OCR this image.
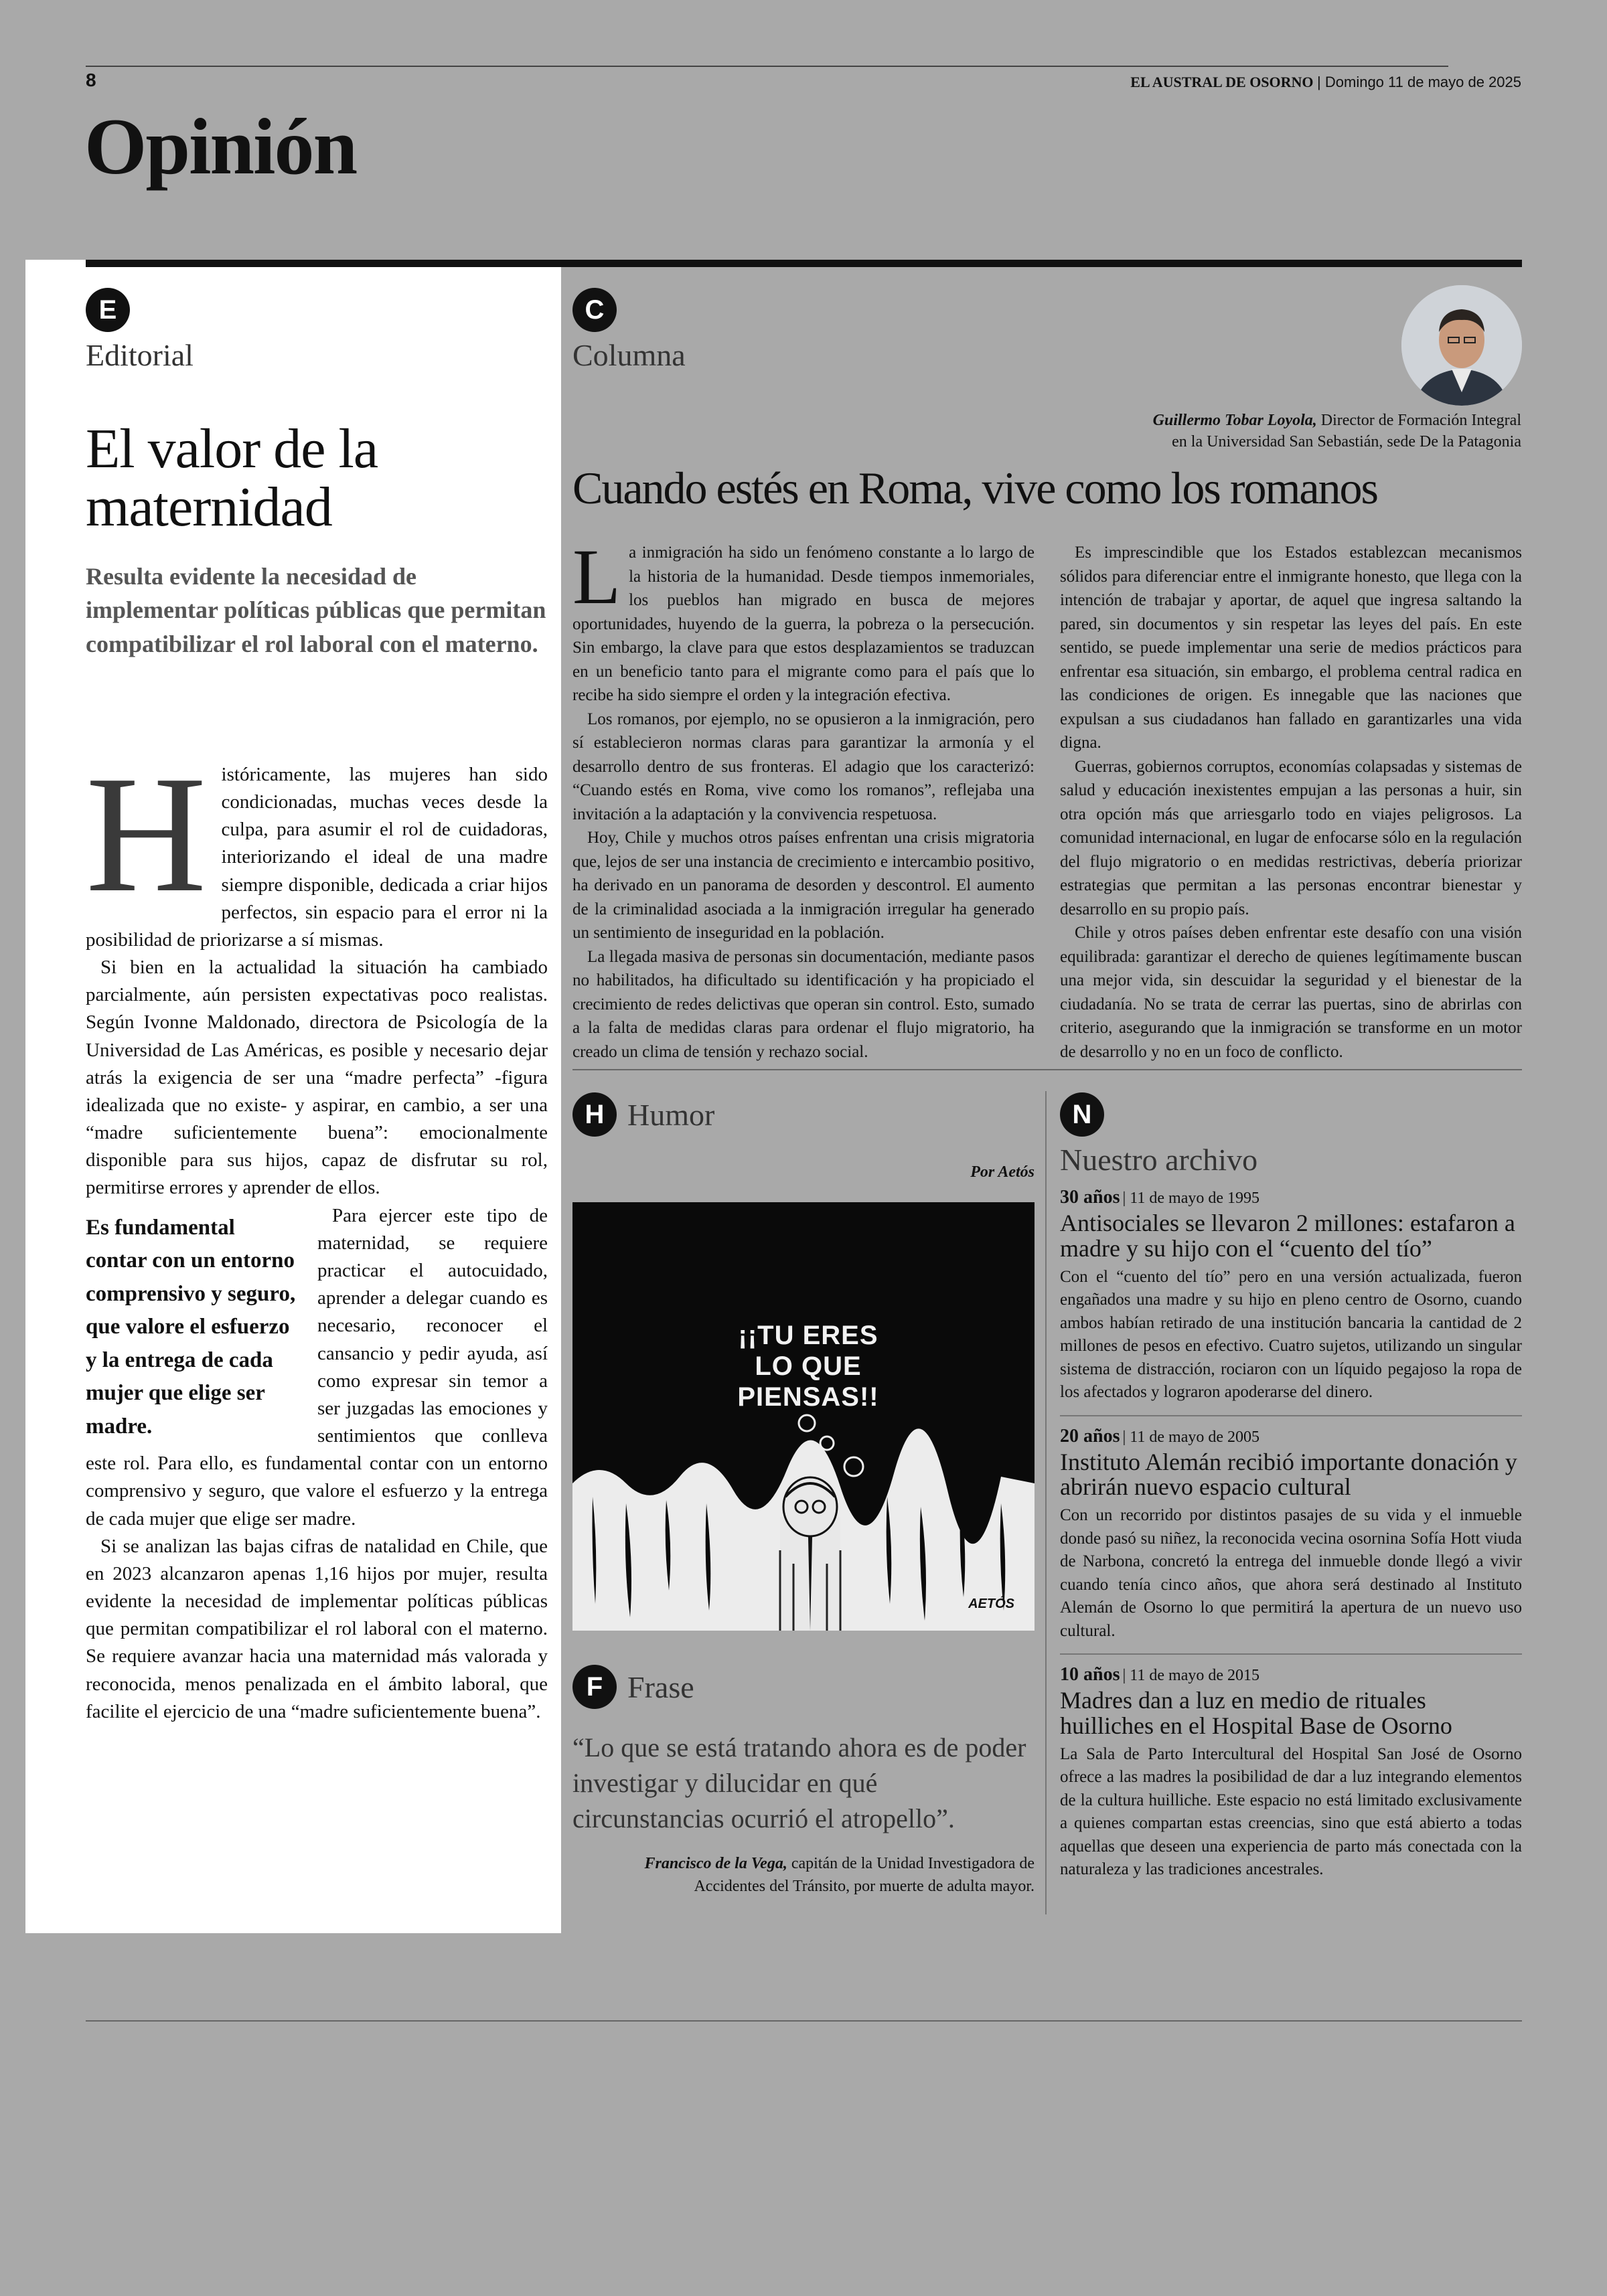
8	EL AUSTRAL DE OSORNO | Domingo 11 de mayo de 2025
Opinión
E
Editorial
El valor de la maternidad

Resulta evidente la necesidad de implementar políticas públicas que permitan compatibilizar el rol laboral con el materno.

H istóricamente, las mujeres han sido condicionadas, muchas veces desde la culpa, para asumir el rol de cuidadoras, interiorizando el ideal de una madre siempre disponible, dedicada a criar hijos perfectos, sin espacio para el error ni la posibilidad de priorizarse a sí mismas.

Si bien en la actualidad la situación ha cambiado parcialmente, aún persisten expectativas poco realistas. Según Ivonne Maldonado, directora de Psicología de la Universidad de Las Américas, es posible y necesario dejar atrás la exigencia de ser una “madre perfecta” -figura idealizada que no existe- y aspirar, en cambio, a ser una “madre suficientemente buena”: emocionalmente disponible para sus hijos, capaz de disfrutar su rol, permitirse errores y aprender de ellos.

Es fundamental contar con un entorno comprensivo y seguro, que valore el esfuerzo y la entrega de cada mujer que elige ser madre.

Para ejercer este tipo de maternidad, se requiere practicar el autocuidado, aprender a delegar cuando es necesario, reconocer el cansancio y pedir ayuda, así como expresar sin temor a ser juzgadas las emociones y sentimientos que conlleva este rol. Para ello, es fundamental contar con un entorno comprensivo y seguro, que valore el esfuerzo y la entrega de cada mujer que elige ser madre.

Si se analizan las bajas cifras de natalidad en Chile, que en 2023 alcanzaron apenas 1,16 hijos por mujer, resulta evidente la necesidad de implementar políticas públicas que permitan compatibilizar el rol laboral con el materno. Se requiere avanzar hacia una maternidad más valorada y reconocida, menos penalizada en el ámbito laboral, que facilite el ejercicio de una “madre suficientemente buena”.

C
Columna
Guillermo Tobar Loyola, Director de Formación Integral
en la Universidad San Sebastián, sede De la Patagonia
Cuando estés en Roma, vive como los romanos
L a inmigración ha sido un fenómeno constante a lo largo de la historia de la humanidad. Desde tiempos inmemoriales, los pueblos han migrado en busca de mejores oportunidades, huyendo de la guerra, la pobreza o la persecución. Sin embargo, la clave para que estos desplazamientos se traduzcan en un beneficio tanto para el migrante como para el país que lo recibe ha sido siempre el orden y la integración efectiva.

Los romanos, por ejemplo, no se opusieron a la inmigración, pero sí establecieron normas claras para garantizar la armonía y el desarrollo dentro de sus fronteras. El adagio que los caracterizó: “Cuando estés en Roma, vive como los romanos”, reflejaba una invitación a la adaptación y la convivencia respetuosa.

Hoy, Chile y muchos otros países enfrentan una crisis migratoria que, lejos de ser una instancia de crecimiento e intercambio positivo, ha derivado en un panorama de desorden y descontrol. El aumento de la criminalidad asociada a la inmigración irregular ha generado un sentimiento de inseguridad en la población.

La llegada masiva de personas sin documentación, mediante pasos no habilitados, ha dificultado su identificación y ha propiciado el crecimiento de redes delictivas que operan sin control. Esto, sumado a la falta de medidas claras para ordenar el flujo migratorio, ha creado un clima de tensión y rechazo social.

Es imprescindible que los Estados establezcan mecanismos sólidos para diferenciar entre el inmigrante honesto, que llega con la intención de trabajar y aportar, de aquel que ingresa saltando la pared, sin documentos y sin respetar las leyes del país. En este sentido, se puede implementar una serie de medios prácticos para enfrentar esa situación, sin embargo, el problema central radica en las condiciones de origen. Es innegable que las naciones que expulsan a sus ciudadanos han fallado en garantizarles una vida digna.

Guerras, gobiernos corruptos, economías colapsadas y sistemas de salud y educación inexistentes empujan a las personas a huir, sin otra opción más que arriesgarlo todo en viajes peligrosos. La comunidad internacional, en lugar de enfocarse sólo en la regulación del flujo migratorio o en medidas restrictivas, debería priorizar estrategias que permitan a las personas encontrar bienestar y desarrollo en su propio país.

Chile y otros países deben enfrentar este desafío con una visión equilibrada: garantizar el derecho de quienes legítimamente buscan una mejor vida, sin descuidar la seguridad y el bienestar de la ciudadanía. No se trata de cerrar las puertas, sino de abrirlas con criterio, asegurando que la inmigración se transforme en un motor de desarrollo y no en un foco de conflicto.

H Humor
Por Aetós
¡¡TU ERES
LO QUE
PIENSAS!!
AETÓS
F Frase

“Lo que se está tratando ahora es de poder investigar y dilucidar en qué circunstancias ocurrió el atropello”.

Francisco de la Vega, capitán de la Unidad Investigadora de Accidentes del Tránsito, por muerte de adulta mayor.
N
Nuestro archivo
30 años | 11 de mayo de 1995
Antisociales se llevaron 2 millones: estafaron a madre y su hijo con el “cuento del tío”

Con el “cuento del tío” pero en una versión actualizada, fueron engañados una madre y su hijo en pleno centro de Osorno, cuando ambos habían retirado de una institución bancaria la cantidad de 2 millones de pesos en efectivo. Cuatro sujetos, utilizando un singular sistema de distracción, rociaron con un líquido pegajoso la ropa de los afectados y lograron apoderarse del dinero.

20 años | 11 de mayo de 2005
Instituto Alemán recibió importante donación y abrirán nuevo espacio cultural

Con un recorrido por distintos pasajes de su vida y el inmueble donde pasó su niñez, la reconocida vecina osornina Sofía Hott viuda de Narbona, concretó la entrega del inmueble donde llegó a vivir cuando tenía cinco años, que ahora será destinado al Instituto Alemán de Osorno lo que permitirá la apertura de un nuevo uso cultural.

10 años | 11 de mayo de 2015
Madres dan a luz en medio de rituales huilliches en el Hospital Base de Osorno

La Sala de Parto Intercultural del Hospital San José de Osorno ofrece a las madres la posibilidad de dar a luz integrando elementos de la cultura huilliche. Este espacio no está limitado exclusivamente a quienes compartan estas creencias, sino que está abierto a todas aquellas que deseen una experiencia de parto más conectada con la naturaleza y las tradiciones ancestrales.
